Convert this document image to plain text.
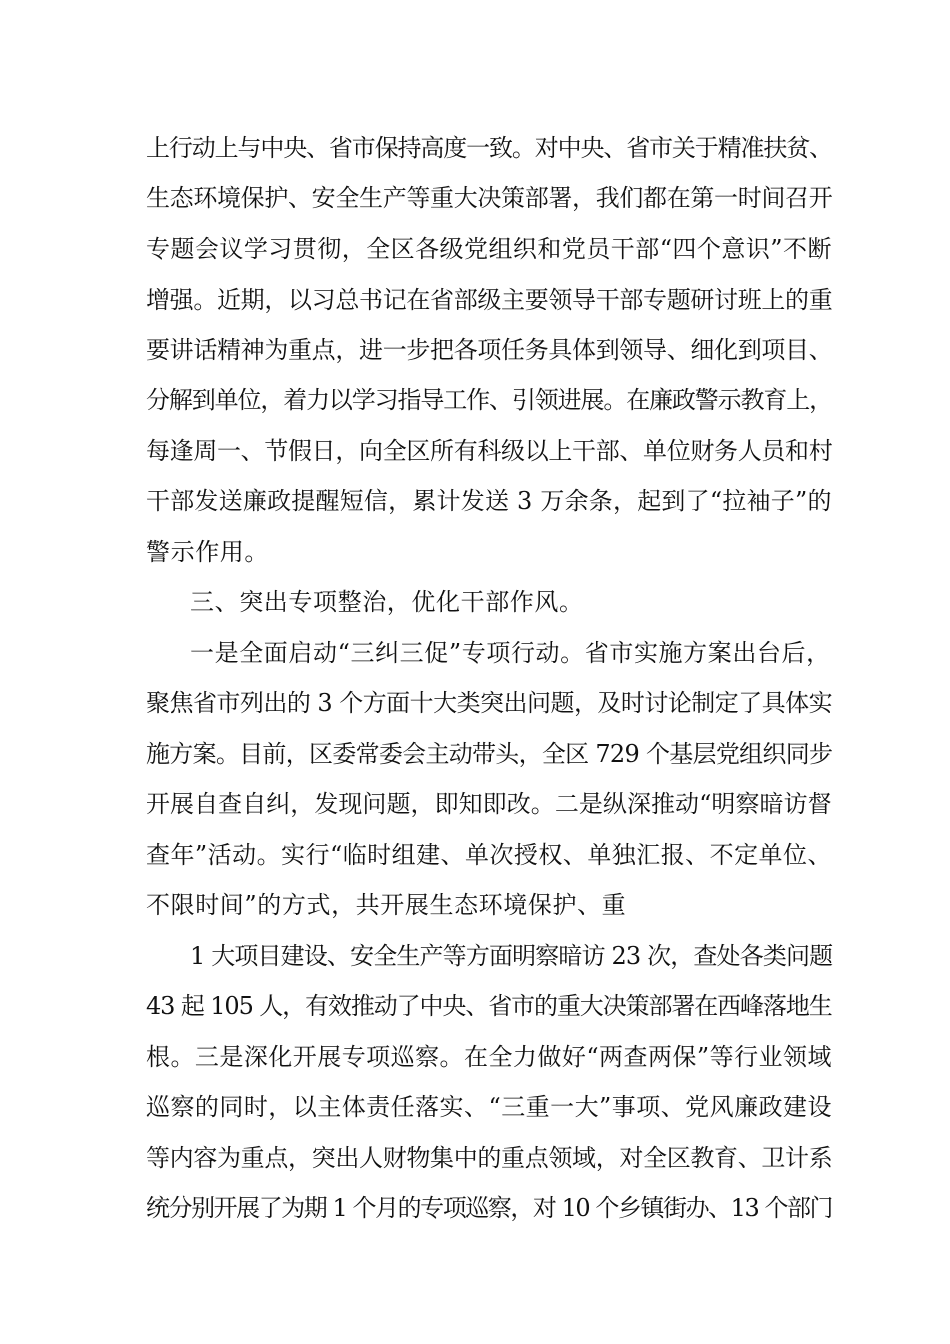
上行动上与中央、省市保持高度一致。对中央、省市关于精准扶贫、
生态环境保护、安全生产等重大决策部署，我们都在第一时间召开
专题会议学习贯彻，全区各级党组织和党员干部“四个意识”不断
增强。近期，以习总书记在省部级主要领导干部专题研讨班上的重
要讲话精神为重点，进一步把各项任务具体到领导、细化到项目、
分解到单位，着力以学习指导工作、引领进展。在廉政警示教育上，
每逢周一、节假日，向全区所有科级以上干部、单位财务人员和村
干部发送廉政提醒短信，累计发送 3 万余条，起到了“拉袖子”的
警示作用。
三、突出专项整治，优化干部作风。
一是全面启动“三纠三促”专项行动。省市实施方案出台后，
聚焦省市列出的 3 个方面十大类突出问题，及时讨论制定了具体实
施方案。目前，区委常委会主动带头，全区 729 个基层党组织同步
开展自查自纠，发现问题，即知即改。二是纵深推动“明察暗访督
查年”活动。实行“临时组建、单次授权、单独汇报、不定单位、
不限时间”的方式，共开展生态环境保护、重
1 大项目建设、安全生产等方面明察暗访 23 次，查处各类问题
43 起 105 人，有效推动了中央、省市的重大决策部署在西峰落地生
根。三是深化开展专项巡察。在全力做好“两查两保”等行业领域
巡察的同时，以主体责任落实、“三重一大”事项、党风廉政建设
等内容为重点，突出人财物集中的重点领域，对全区教育、卫计系
统分别开展了为期 1 个月的专项巡察，对 10 个乡镇街办、13 个部门
